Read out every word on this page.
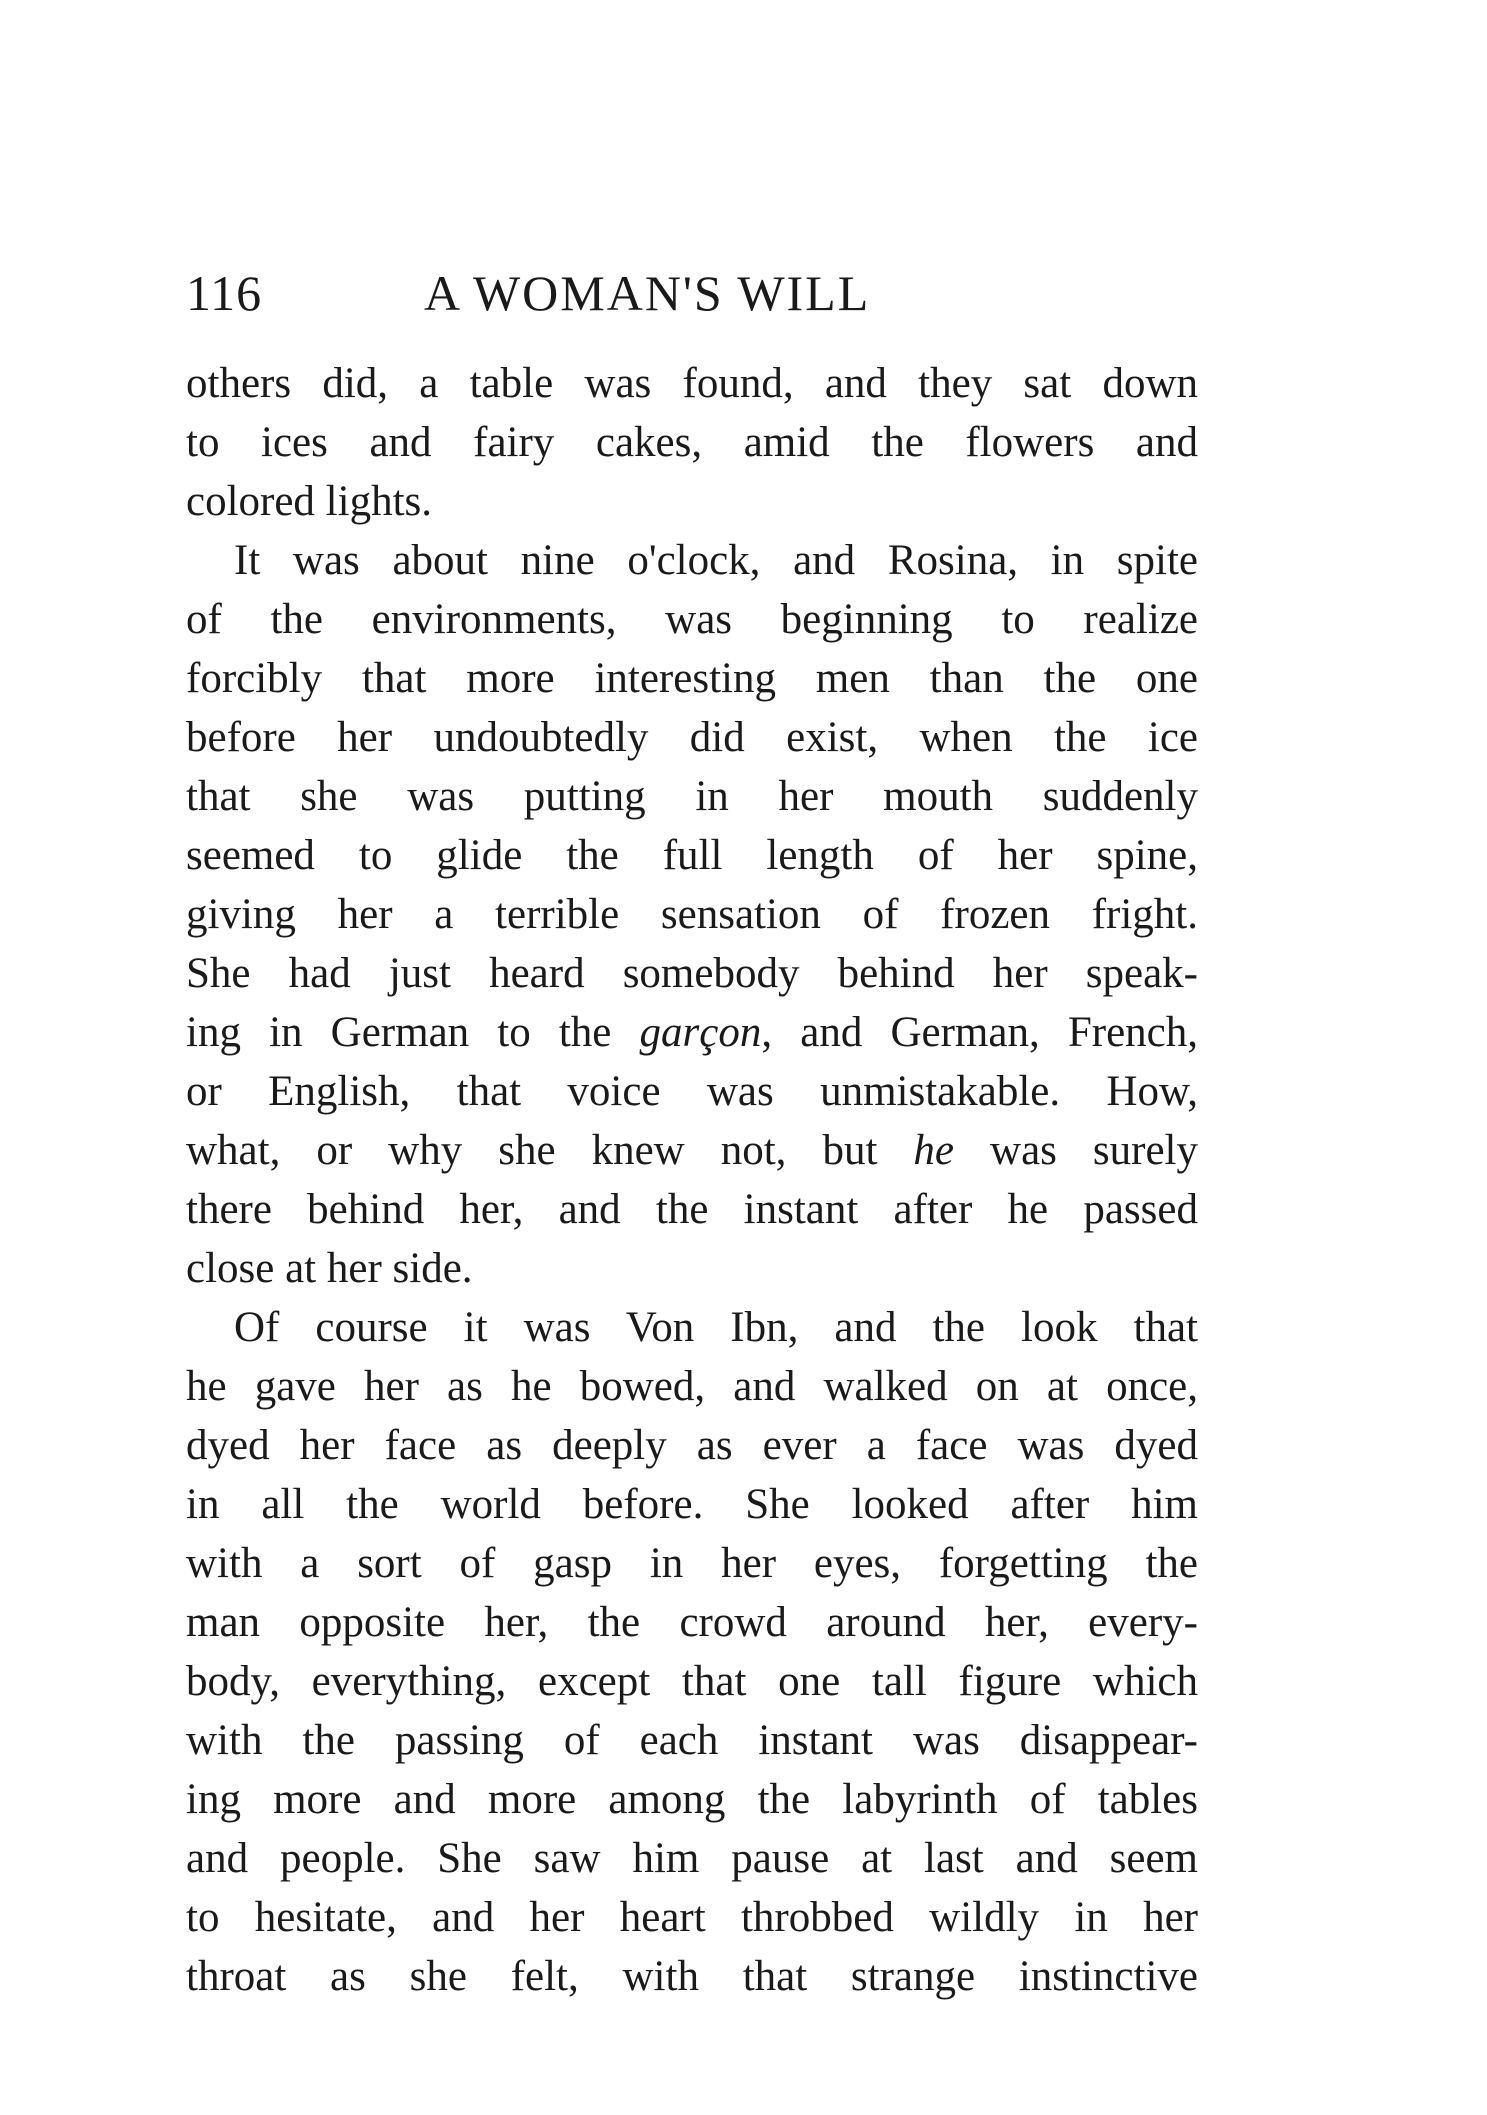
116	A WOMAN'S WILL
others did, a table was found, and they sat down
to ices and fairy cakes, amid the flowers and
colored lights.
It was about nine o'clock, and Rosina, in spite
of the environments, was beginning to realize
forcibly that more interesting men than the one
before her undoubtedly did exist, when the ice
that she was putting in her mouth suddenly
seemed to glide the full length of her spine,
giving her a terrible sensation of frozen fright.
She had just heard somebody behind her speak-
ing in German to the garçon, and German, French,
or English, that voice was unmistakable. How,
what, or why she knew not, but he was surely
there behind her, and the instant after he passed
close at her side.
Of course it was Von Ibn, and the look that
he gave her as he bowed, and walked on at once,
dyed her face as deeply as ever a face was dyed
in all the world before. She looked after him
with a sort of gasp in her eyes, forgetting the
man opposite her, the crowd around her, every-
body, everything, except that one tall figure which
with the passing of each instant was disappear-
ing more and more among the labyrinth of tables
and people. She saw him pause at last and seem
to hesitate, and her heart throbbed wildly in her
throat as she felt, with that strange instinctive
